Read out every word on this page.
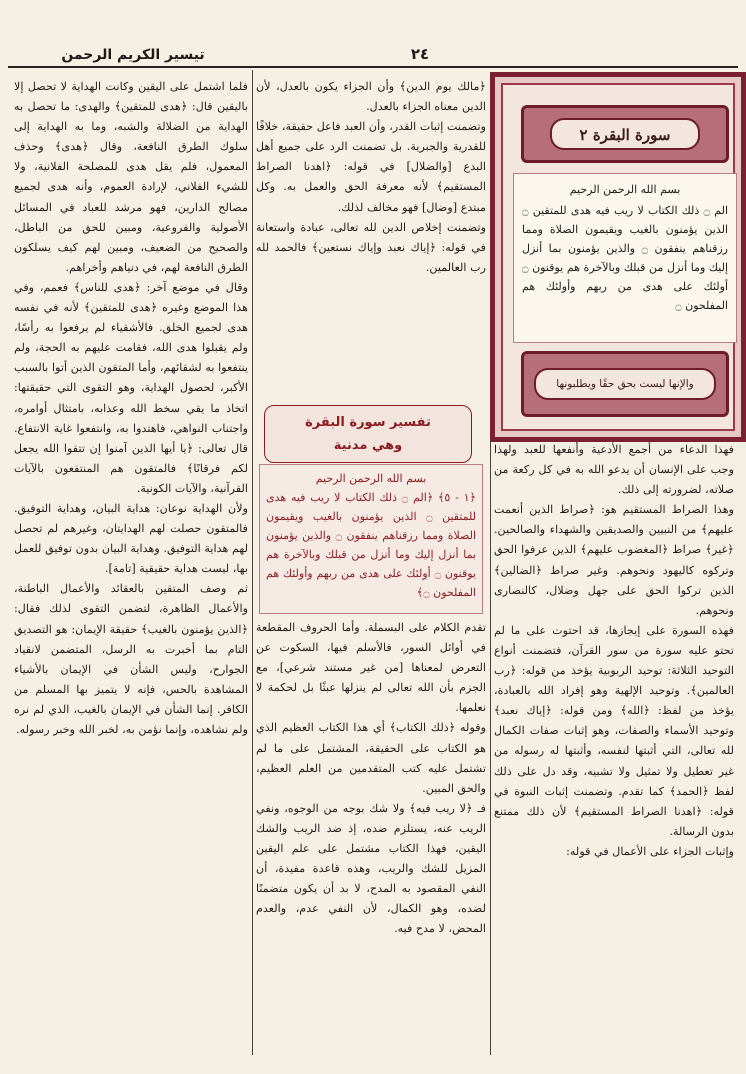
تيسير الكريم الرحمن	٢٤
سورة البقرة ٢
بسم الله الرحمن الرحيم
الم ۝ ذلك الكتاب لا ريب فيه هدى للمتقين ۝ الذين يؤمنون بالغيب ويقيمون الصلاة ومما رزقناهم ينفقون ۝ والذين يؤمنون بما أنزل إليك وما أنزل من قبلك وبالآخرة هم يوقنون ۝ أولئك على هدى من ربهم وأولئك هم المفلحون ۝
والإنها ليست بحق حقًا ويطلبونها

فلما اشتمل على اليقين وكانت الهداية لا تحصل إلا باليقين قال: ﴿هدى للمتقين﴾ والهدى: ما تحصل به الهداية من الضلالة والشبه، وما به الهداية إلى سلوك الطرق النافعة، وقال ﴿هدى﴾ وحذف المعمول، فلم يقل هدى للمصلحة الفلانية، ولا للشيء الفلاني، لإرادة العموم، وأنه هدى لجميع مصالح الدارين، فهو مرشد للعباد في المسائل الأصولية والفروعية، ومبين للحق من الباطل، والصحيح من الضعيف، ومبين لهم كيف يسلكون الطرق النافعة لهم، في دنياهم وأخراهم.

وقال في موضع آخر: ﴿هدى للناس﴾ فعمم، وفي هذا الموضع وغيره ﴿هدى للمتقين﴾ لأنه في نفسه هدى لجميع الخلق. فالأشقياء لم يرفعوا به رأسًا، ولم يقبلوا هدى الله، فقامت عليهم به الحجة، ولم ينتفعوا به لشقائهم، وأما المتقون الذين أتوا بالسبب الأكبر، لحصول الهداية، وهو التقوى التي حقيقتها: اتخاذ ما يقي سخط الله وعذابه، بامتثال أوامره، واجتناب النواهي، فاهتدوا به، وانتفعوا غاية الانتفاع. قال تعالى: ﴿يا أيها الذين آمنوا إن تتقوا الله يجعل لكم فرقانًا﴾ فالمتقون هم المنتفعون بالآيات القرآنية، والآيات الكونية.

ولأن الهداية نوعان: هداية البيان، وهداية التوفيق. فالمتقون حصلت لهم الهدايتان، وغيرهم لم تحصل لهم هداية التوفيق. وهداية البيان بدون توفيق للعمل بها، ليست هداية حقيقية [تامة].

ثم وصف المتقين بالعقائد والأعمال الباطنة، والأعمال الظاهرة، لتضمن التقوى لذلك فقال: ﴿الذين يؤمنون بالغيب﴾ حقيقة الإيمان: هو التصديق التام بما أخبرت به الرسل، المتضمن لانقياد الجوارح، وليس الشأن في الإيمان بالأشياء المشاهدة بالحس، فإنه لا يتميز بها المسلم من الكافر. إنما الشأن في الإيمان بالغيب، الذي لم نره ولم نشاهده، وإنما نؤمن به، لخبر الله وخبر رسوله.

﴿مالك يوم الدين﴾ وأن الجزاء يكون بالعدل، لأن الدين معناه الجزاء بالعدل.

وتضمنت إثبات القدر، وأن العبد فاعل حقيقة، خلافًا للقدرية والجبرية. بل تضمنت الرد على جميع أهل البدع [والضلال] في قوله: ﴿اهدنا الصراط المستقيم﴾ لأنه معرفة الحق والعمل به. وكل مبتدع [وضال] فهو مخالف لذلك.

وتضمنت إخلاص الدين لله تعالى، عبادة واستعانة في قوله: ﴿إياك نعبد وإياك نستعين﴾ فالحمد لله رب العالمين.

تفسير سورة البقرة
وهي مدنية
بسم الله الرحمن الرحيم
﴿١ - ٥﴾ ﴿الم ۝ ذلك الكتاب لا ريب فيه هدى للمتقين ۝ الذين يؤمنون بالغيب ويقيمون الصلاة ومما رزقناهم ينفقون ۝ والذين يؤمنون بما أنزل إليك وما أنزل من قبلك وبالآخرة هم يوقنون ۝ أولئك على هدى من ربهم وأولئك هم المفلحون ۝﴾

تقدم الكلام على البسملة. وأما الحروف المقطعة في أوائل السور، فالأسلم فيها، السكوت عن التعرض لمعناها [من غير مستند شرعي]، مع الجزم بأن الله تعالى لم ينزلها عبثًا بل لحكمة لا نعلمها.

وقوله ﴿ذلك الكتاب﴾ أي هذا الكتاب العظيم الذي هو الكتاب على الحقيقة، المشتمل على ما لم تشتمل عليه كتب المتقدمين من العلم العظيم، والحق المبين.

فـ ﴿لا ريب فيه﴾ ولا شك بوجه من الوجوه، ونفي الريب عنه، يستلزم ضده، إذ ضد الريب والشك اليقين، فهذا الكتاب مشتمل على علم اليقين المزيل للشك والريب، وهذه قاعدة مفيدة، أن النفي المقصود به المدح، لا بد أن يكون متضمنًا لضده، وهو الكمال، لأن النفي عدم، والعدم المحض، لا مدح فيه.

فهذا الدعاء من أجمع الأدعية وأنفعها للعبد ولهذا وجب على الإنسان أن يدعو الله به في كل ركعة من صلاته، لضرورته إلى ذلك.

وهذا الصراط المستقيم هو: ﴿صراط الذين أنعمت عليهم﴾ من النبيين والصديقين والشهداء والصالحين. ﴿غير﴾ صراط ﴿المغضوب عليهم﴾ الذين عرفوا الحق وتركوه كاليهود ونحوهم. وغير صراط ﴿الضالين﴾ الذين تركوا الحق على جهل وضلال، كالنصارى ونحوهم.

فهذه السورة على إيجازها، قد احتوت على ما لم تحتو عليه سورة من سور القرآن، فتضمنت أنواع التوحيد الثلاثة: توحيد الربوبية يؤخذ من قوله: ﴿رب العالمين﴾. وتوحيد الإلهية وهو إفراد الله بالعبادة، يؤخذ من لفظ: ﴿الله﴾ ومن قوله: ﴿إياك نعبد﴾ وتوحيد الأسماء والصفات، وهو إثبات صفات الكمال لله تعالى، التي أثبتها لنفسه، وأثبتها له رسوله من غير تعطيل ولا تمثيل ولا تشبيه، وقد دل على ذلك لفظ ﴿الحمد﴾ كما تقدم. وتضمنت إثبات النبوة في قوله: ﴿اهدنا الصراط المستقيم﴾ لأن ذلك ممتنع بدون الرسالة.

وإثبات الجزاء على الأعمال في قوله:
